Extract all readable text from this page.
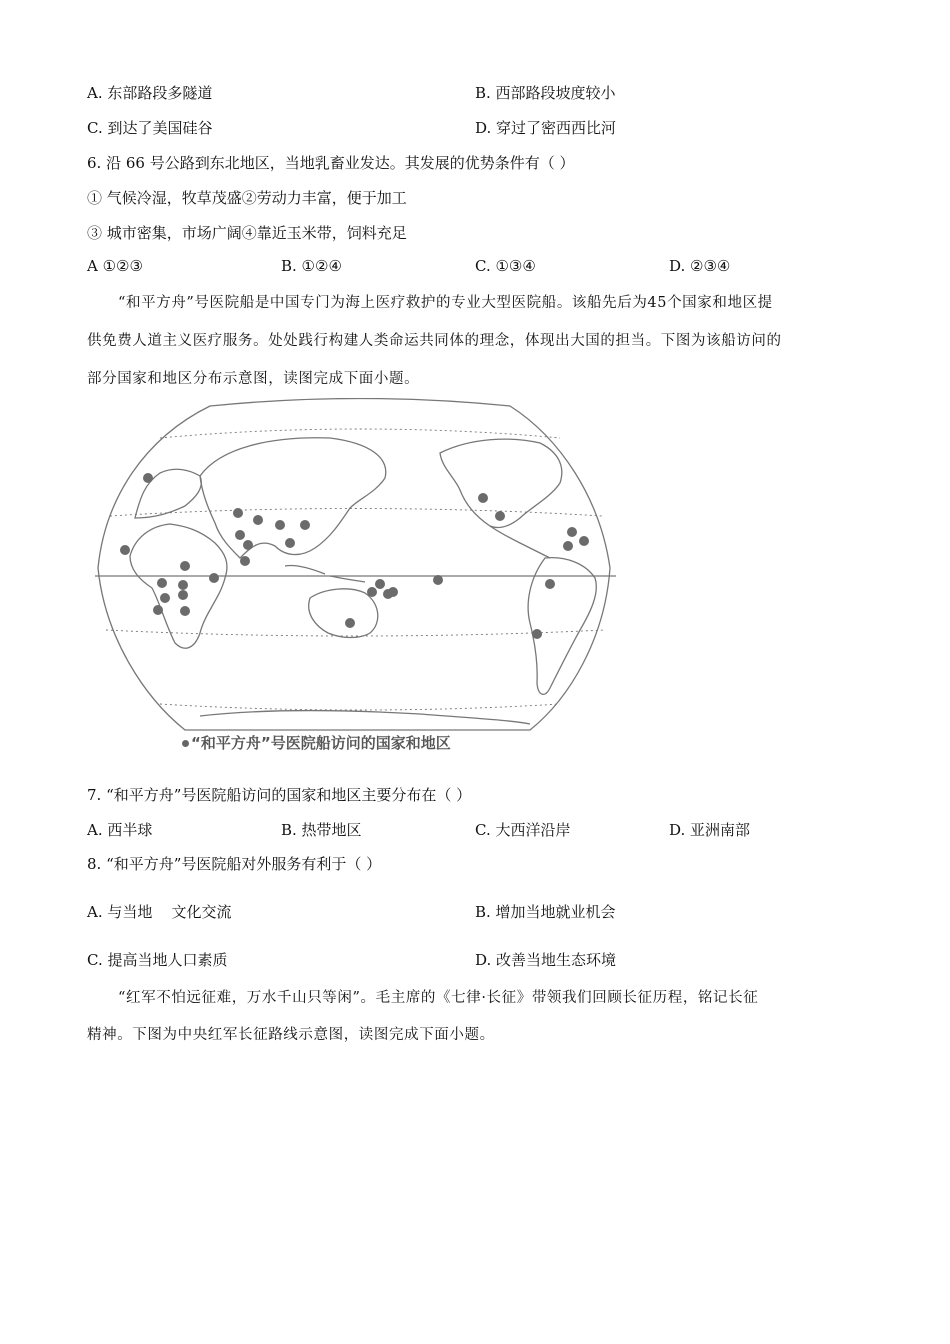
A. 东部路段多隧道	B. 西部路段坡度较小
C. 到达了美国硅谷	D. 穿过了密西西比河
6. 沿 66 号公路到东北地区，当地乳畜业发达。其发展的优势条件有（ ）
① 气候冷湿，牧草茂盛②劳动力丰富，便于加工
③ 城市密集，市场广阔④靠近玉米带，饲料充足
A ①②③	B. ①②④	C. ①③④	D. ②③④
“和平方舟”号医院船是中国专门为海上医疗救护的专业大型医院船。该船先后为45个国家和地区提
供免费人道主义医疗服务。处处践行构建人类命运共同体的理念，体现出大国的担当。下图为该船访问的
部分国家和地区分布示意图，读图完成下面小题。
“和平方舟”号医院船访问的国家和地区
7. “和平方舟”号医院船访问的国家和地区主要分布在（ ）
A. 西半球	B. 热带地区	C. 大西洋沿岸	D. 亚洲南部
8. “和平方舟”号医院船对外服务有利于（ ）
A. 与当地    文化交流	B. 增加当地就业机会
C. 提高当地人口素质	D. 改善当地生态环境
“红军不怕远征难，万水千山只等闲”。毛主席的《七律·长征》带领我们回顾长征历程，铭记长征
精神。下图为中央红军长征路线示意图，读图完成下面小题。
